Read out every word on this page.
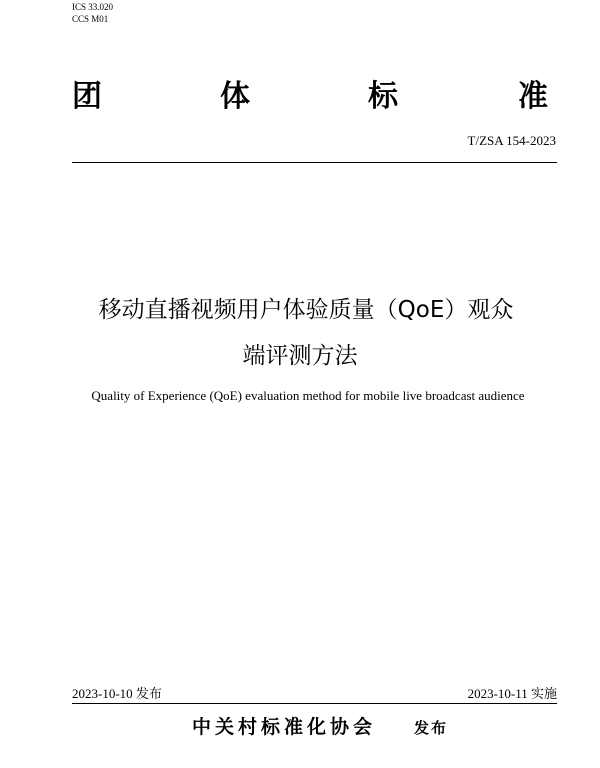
ICS 33.020
CCS M01
团	体	标	准
T/ZSA 154-2023
移动直播视频用户体验质量（QoE）观众
端评测方法
Quality of Experience (QoE) evaluation method for mobile live broadcast audience
2023-10-10 发布	2023-10-11 实施
中关村标准化协会	发布
